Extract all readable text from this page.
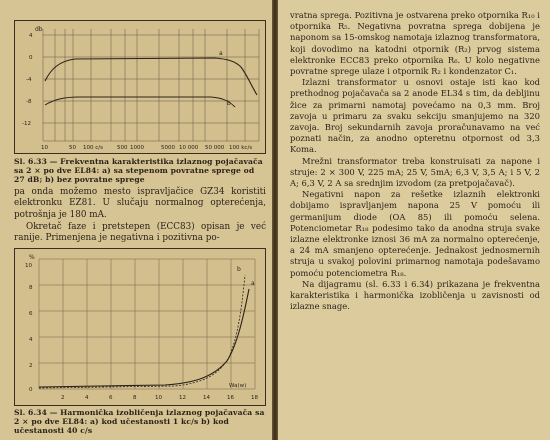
db
4
0
-4
-8
-12
a
b
10	50 100 c/s	500 1000	5000 10 000 50 000 100 kc/s
Sl. 6.33 — Frekventna karakteristika izlaznog pojačavača sa 2 × po dve EL84: a) sa stepenom povratne sprege od 27 dB; b) bez povratne sprege

pa onda možemo mesto ispravljačice GZ34 koristiti elektronku EZ81. U slučaju normalnog opterećenja, potrošnja je 180 mA.

Okretač faze i pretstepen (ECC83) opisan je već ranije. Primenjena je negativna i pozitivna po-

%
10
8
6
4
2
0
a
b
2	4	6	8	10	12	14	16	18
Wa(w)
Sl. 6.34 — Harmonička izobličenja izlaznog pojačavača sa 2 × po dve EL84: a) kod učestanosti 1 kc/s b) kod učestanosti 40 c/s

vratna sprega. Pozitivna je ostvarena preko otpornika R₁₀ i otpornika R₅. Negativna povratna sprega dobijena je naponom sa 15-omskog namotaja izlaznog transformatora, koji dovodimo na katodni otpornik (R₂) prvog sistema elektronke ECC83 preko otpornika R₆. U kolo negativne povratne sprege ulaze i otpornik R₂ i kondenzator C₁.

Izlazni transformator u osnovi ostaje isti kao kod prethodnog pojačavača sa 2 anode EL34 s tim, da debljinu žice za primarni namotaj povećamo na 0,3 mm. Broj zavoja u primaru za svaku sekciju smanjujemo na 320 zavoja. Broj sekundarnih zavoja proračunavamo na već poznati način, za anodno opteretnu otpornost od 3,3 Koma.

Mrežni transformator treba konstruisati za napone i struje: 2 × 300 V, 225 mA; 25 V, 5mA; 6,3 V, 3,5 A; i 5 V, 2 A; 6,3 V, 2 A sa srednjim izvodom (za pretpojačavač).

Negativni napon za rešetke izlaznih elektronki dobijamo ispravljanjem napona 25 V pomoću ili germanijum diode (OA 85) ili pomoću selena. Potenciometar R₁₈ podesimo tako da anodna struja svake izlazne elektronke iznosi 36 mA za normalno opterećenje, a 24 mA smanjeno opterećenje. Jednakost jednosmernih struja u svakoj polovini primarnog namotaja podešavamo pomoću potenciometra R₁₈.

Na dijagramu (sl. 6.33 i 6.34) prikazana je frekventna karakteristika i harmonička izobličenja u zavisnosti od izlazne snage.
